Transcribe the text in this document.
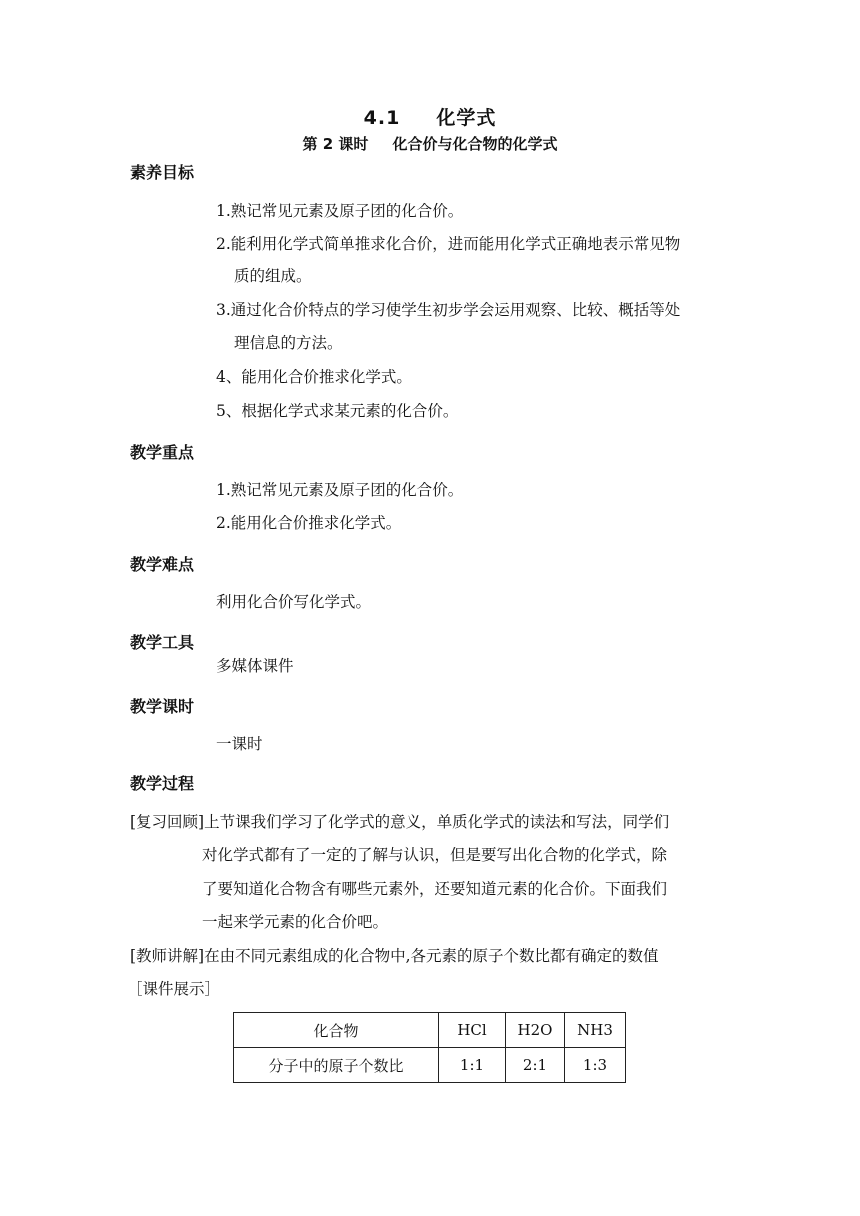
4.1 化学式
第 2 课时 化合价与化合物的化学式
素养目标
1.熟记常见元素及原子团的化合价。
2.能利用化学式简单推求化合价，进而能用化学式正确地表示常见物
质的组成。
3.通过化合价特点的学习使学生初步学会运用观察、比较、概括等处
理信息的方法。
4、能用化合价推求化学式。
5、根据化学式求某元素的化合价。
教学重点
1.熟记常见元素及原子团的化合价。
2.能用化合价推求化学式。
教学难点
利用化合价写化学式。
教学工具
多媒体课件
教学课时
一课时
教学过程
[复习回顾]上节课我们学习了化学式的意义，单质化学式的读法和写法，同学们
对化学式都有了一定的了解与认识，但是要写出化合物的化学式，除
了要知道化合物含有哪些元素外，还要知道元素的化合价。下面我们
一起来学元素的化合价吧。
[教师讲解]在由不同元素组成的化合物中,各元素的原子个数比都有确定的数值
［课件展示］
化合物	HCl	H2O	NH3
分子中的原子个数比	1:1	2:1	1:3
